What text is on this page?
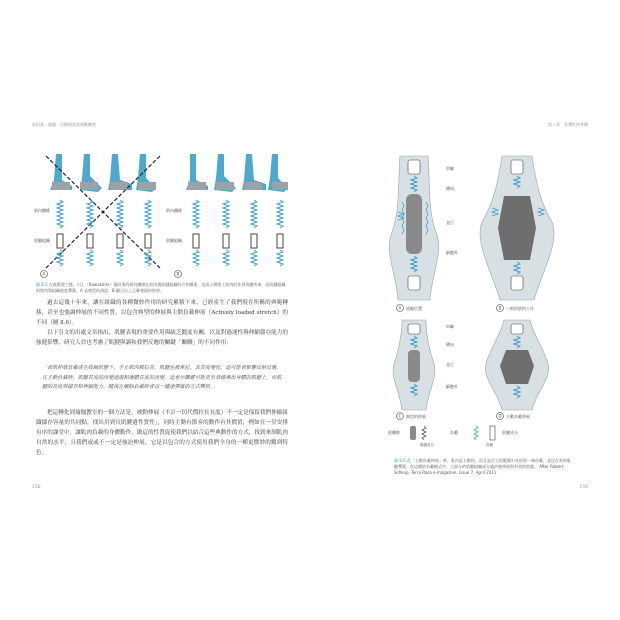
彩俗派・瑜伽－治療與柔筋運動解密
肌內纖維
肌腱組織
肌內纖維
肌腱組織
A	B
圖 8.5 在進策要之後，川上（Kawakami）與同事的研究團隊在肌肉與肌腱組織的合作關係，這表示實際上肌肉的作用效應所來，而肌腱組織的肌肉與組織進度彈簧。A 是典型的預設；B 顯示出之正確發現的結果。

過去這幾十年來，讓在組織的各種微妙作用的研究累積下來，已經產生了我們現在所稱的典範轉移，甚至也強調伸展的不同性質，以包含典型的伸展與主動負載伸展（Actively loaded stretch）的不同（圖 8.6）。

以下引文的出處文章指出，肌腱表現的重要作用與缺乏鍛度有關，以及對過運性與伸縮儲存能力的強健影響，研究人員也考慮了肌腱與調和我們反應的關鍵「關聯」的不同作用：

「表肌伸展負載或在收縮狀態下，手止肌肉被拉長，肌腱也被牽拉。其長度變化，這可能會影響反射反應，在主動負載時，肌腱長度的改變通過相連體長度的改變，這表示關鍵可能更有效傳導出身體的肌腱上，而肌腱的長度與儲存和伸縮能力，隨後在解除負載時會以一種速彈簧的方式釋放。」

把這轉化到瑜伽教室的一個方法是，被動伸展（不計一切代價拉長長度）不一定是保留我們伸縮組織儲存容量的共同點，找出用到長肌腱遺性質性」，同時主動有節奏的動作有其價值，例如在一堂安排有序的課堂中，讓肌肉負載的身體動作，做這的性質促使我們以結合這些典動作的方式，找到來制肌肉自然的水平，且我們或或不一定是強迫伸展，它是以包合的方式使用我們全身的一種更微妙的鍛到特色。

158
第八章　有彈性的身體
串聯
橫向
並行
細胞外
A 放鬆位置	B 一般的肌肉工作
串聯
橫向
並行
細胞外
C 典型的伸展	D 主動負載伸展
肌纖維
肌腱成分
負載
負載
肌腱成分
圖 8.6 在「主動負載伸展」時，肌內是主動的，而且是在它的範圍中長的那一端負載，並包含長的肌腱彈簧，在這種的負載模式中，大部分的肌腱組織成分處於被伸展與有效的狀態。 After Robert Schleip, Terra Rosa e-magazine, Issue 7, April 2011.
159
